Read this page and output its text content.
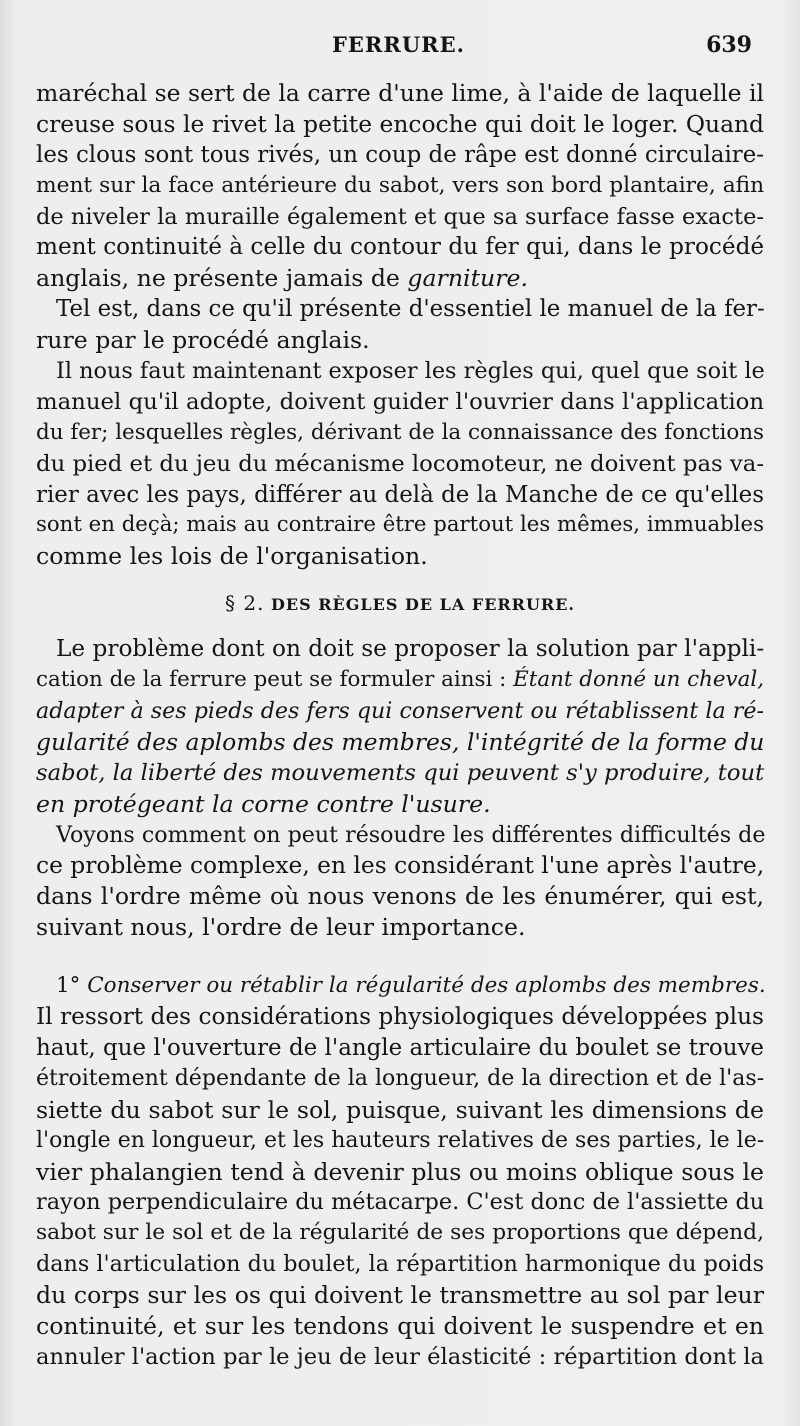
FERRURE.	639
maréchal se sert de la carre d'une lime, à l'aide de laquelle il
creuse sous le rivet la petite encoche qui doit le loger. Quand
les clous sont tous rivés, un coup de râpe est donné circulaire-
ment sur la face antérieure du sabot, vers son bord plantaire, afin
de niveler la muraille également et que sa surface fasse exacte-
ment continuité à celle du contour du fer qui, dans le procédé
anglais, ne présente jamais de garniture.
Tel est, dans ce qu'il présente d'essentiel le manuel de la fer-
rure par le procédé anglais.
Il nous faut maintenant exposer les règles qui, quel que soit le
manuel qu'il adopte, doivent guider l'ouvrier dans l'application
du fer; lesquelles règles, dérivant de la connaissance des fonctions
du pied et du jeu du mécanisme locomoteur, ne doivent pas va-
rier avec les pays, différer au delà de la Manche de ce qu'elles
sont en deçà; mais au contraire être partout les mêmes, immuables
comme les lois de l'organisation.
§ 2. DES RÈGLES DE LA FERRURE.
Le problème dont on doit se proposer la solution par l'appli-
cation de la ferrure peut se formuler ainsi : Étant donné un cheval,
adapter à ses pieds des fers qui conservent ou rétablissent la ré-
gularité des aplombs des membres, l'intégrité de la forme du
sabot, la liberté des mouvements qui peuvent s'y produire, tout
en protégeant la corne contre l'usure.
Voyons comment on peut résoudre les différentes difficultés de
ce problème complexe, en les considérant l'une après l'autre,
dans l'ordre même où nous venons de les énumérer, qui est,
suivant nous, l'ordre de leur importance.
1° Conserver ou rétablir la régularité des aplombs des membres.
Il ressort des considérations physiologiques développées plus
haut, que l'ouverture de l'angle articulaire du boulet se trouve
étroitement dépendante de la longueur, de la direction et de l'as-
siette du sabot sur le sol, puisque, suivant les dimensions de
l'ongle en longueur, et les hauteurs relatives de ses parties, le le-
vier phalangien tend à devenir plus ou moins oblique sous le
rayon perpendiculaire du métacarpe. C'est donc de l'assiette du
sabot sur le sol et de la régularité de ses proportions que dépend,
dans l'articulation du boulet, la répartition harmonique du poids
du corps sur les os qui doivent le transmettre au sol par leur
continuité, et sur les tendons qui doivent le suspendre et en
annuler l'action par le jeu de leur élasticité : répartition dont la
